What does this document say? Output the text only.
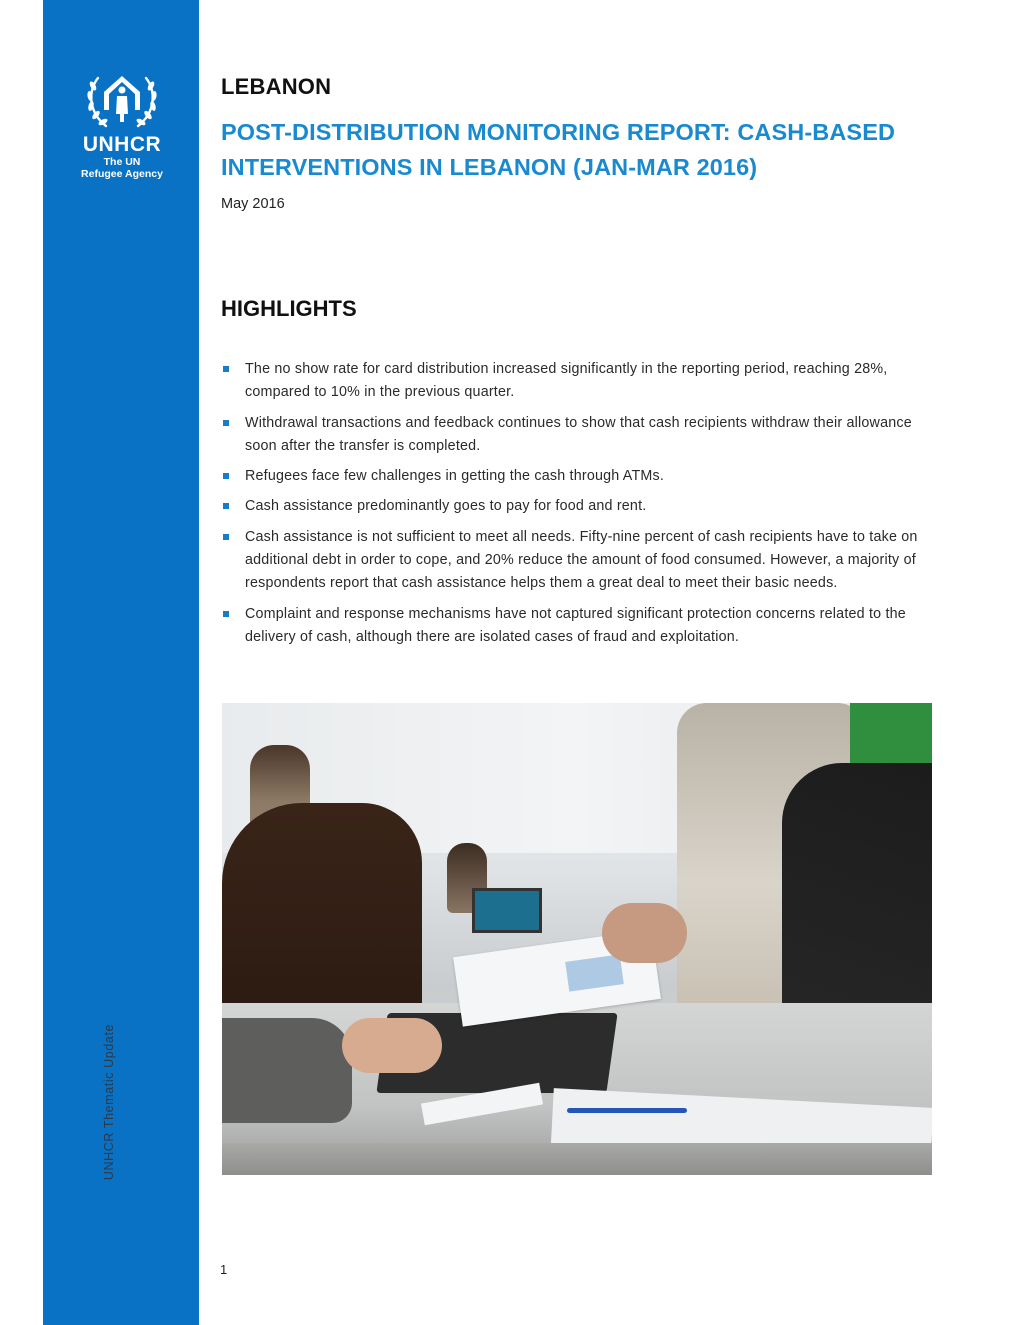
UNHCR
The UN
Refugee Agency
UNHCR Thematic Update
LEBANON
POST-DISTRIBUTION MONITORING REPORT: CASH-BASED INTERVENTIONS IN LEBANON (JAN-MAR 2016)
May 2016
HIGHLIGHTS
The no show rate for card distribution increased significantly in the reporting period, reaching 28%, compared to 10% in the previous quarter.
Withdrawal transactions and feedback continues to show that cash recipients withdraw their allowance soon after the transfer is completed.
Refugees face few challenges in getting the cash through ATMs.
Cash assistance predominantly goes to pay for food and rent.
Cash assistance is not sufficient to meet all needs. Fifty-nine percent of cash recipients have to take on additional debt in order to cope, and 20% reduce the amount of food consumed. However, a majority of respondents report that cash assistance helps them a great deal to meet their basic needs.
Complaint and response mechanisms have not captured significant protection concerns related to the delivery of cash, although there are isolated cases of fraud and exploitation.
1
